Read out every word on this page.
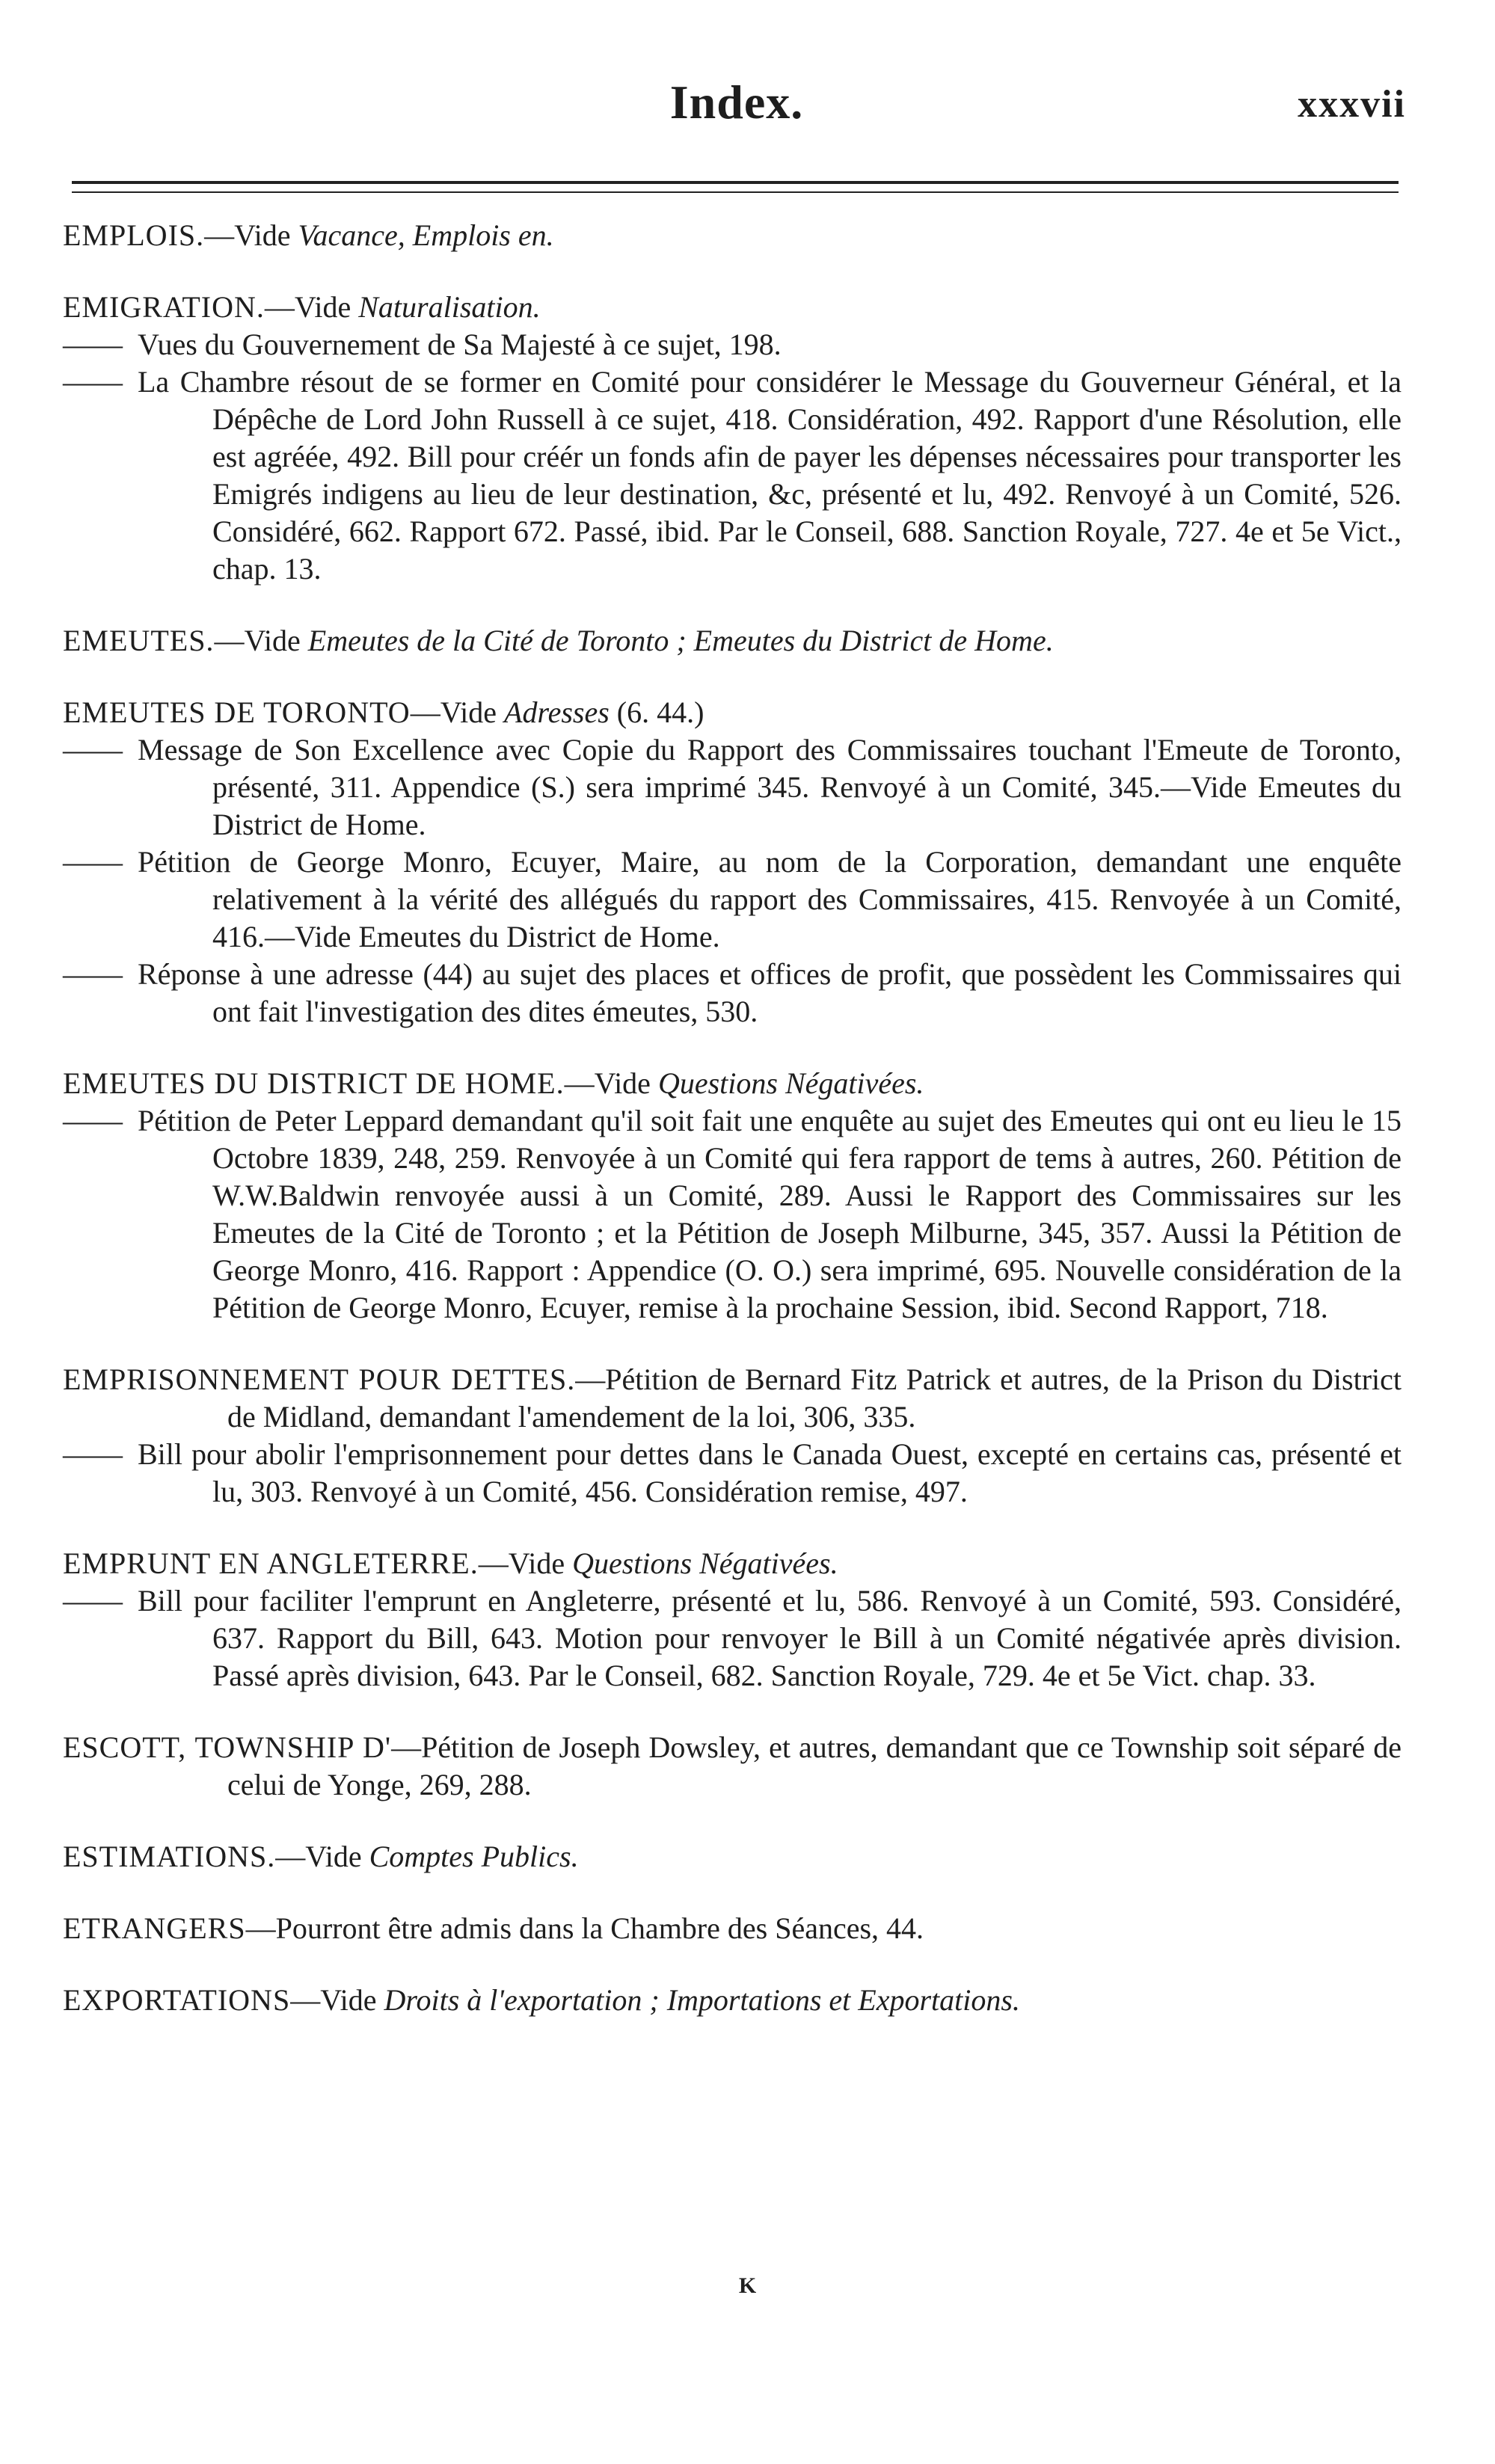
Index.	xxxvii
EMPLOIS.—Vide Vacance, Emplois en.
EMIGRATION.—Vide Naturalisation.
—— Vues du Gouvernement de Sa Majesté à ce sujet, 198.
—— La Chambre résout de se former en Comité pour considérer le Message du Gouverneur Général, et la Dépêche de Lord John Russell à ce sujet, 418. Considération, 492. Rapport d'une Résolution, elle est agréée, 492. Bill pour créér un fonds afin de payer les dépenses nécessaires pour transporter les Emigrés indigens au lieu de leur destination, &c, présenté et lu, 492. Renvoyé à un Comité, 526. Considéré, 662. Rapport 672. Passé, ibid. Par le Conseil, 688. Sanction Royale, 727. 4e et 5e Vict., chap. 13.
EMEUTES.—Vide Emeutes de la Cité de Toronto ; Emeutes du District de Home.
EMEUTES DE TORONTO—Vide Adresses (6. 44.)
—— Message de Son Excellence avec Copie du Rapport des Commissaires touchant l'Emeute de Toronto, présenté, 311. Appendice (S.) sera imprimé 345. Renvoyé à un Comité, 345.—Vide Emeutes du District de Home.
—— Pétition de George Monro, Ecuyer, Maire, au nom de la Corporation, demandant une enquête relativement à la vérité des allégués du rapport des Commissaires, 415. Renvoyée à un Comité, 416.—Vide Emeutes du District de Home.
—— Réponse à une adresse (44) au sujet des places et offices de profit, que possèdent les Commissaires qui ont fait l'investigation des dites émeutes, 530.
EMEUTES DU DISTRICT DE HOME.—Vide Questions Négativées.
—— Pétition de Peter Leppard demandant qu'il soit fait une enquête au sujet des Emeutes qui ont eu lieu le 15 Octobre 1839, 248, 259. Renvoyée à un Comité qui fera rapport de tems à autres, 260. Pétition de W.W.Baldwin renvoyée aussi à un Comité, 289. Aussi le Rapport des Commissaires sur les Emeutes de la Cité de Toronto ; et la Pétition de Joseph Milburne, 345, 357. Aussi la Pétition de George Monro, 416. Rapport : Appendice (O. O.) sera imprimé, 695. Nouvelle considération de la Pétition de George Monro, Ecuyer, remise à la prochaine Session, ibid. Second Rapport, 718.
EMPRISONNEMENT POUR DETTES.—Pétition de Bernard Fitz Patrick et autres, de la Prison du District de Midland, demandant l'amendement de la loi, 306, 335.
—— Bill pour abolir l'emprisonnement pour dettes dans le Canada Ouest, excepté en certains cas, présenté et lu, 303. Renvoyé à un Comité, 456. Considération remise, 497.
EMPRUNT EN ANGLETERRE.—Vide Questions Négativées.
—— Bill pour faciliter l'emprunt en Angleterre, présenté et lu, 586. Renvoyé à un Comité, 593. Considéré, 637. Rapport du Bill, 643. Motion pour renvoyer le Bill à un Comité négativée après division. Passé après division, 643. Par le Conseil, 682. Sanction Royale, 729. 4e et 5e Vict. chap. 33.
ESCOTT, TOWNSHIP D'—Pétition de Joseph Dowsley, et autres, demandant que ce Township soit séparé de celui de Yonge, 269, 288.
ESTIMATIONS.—Vide Comptes Publics.
ETRANGERS—Pourront être admis dans la Chambre des Séances, 44.
EXPORTATIONS—Vide Droits à l'exportation ; Importations et Exportations.
K
